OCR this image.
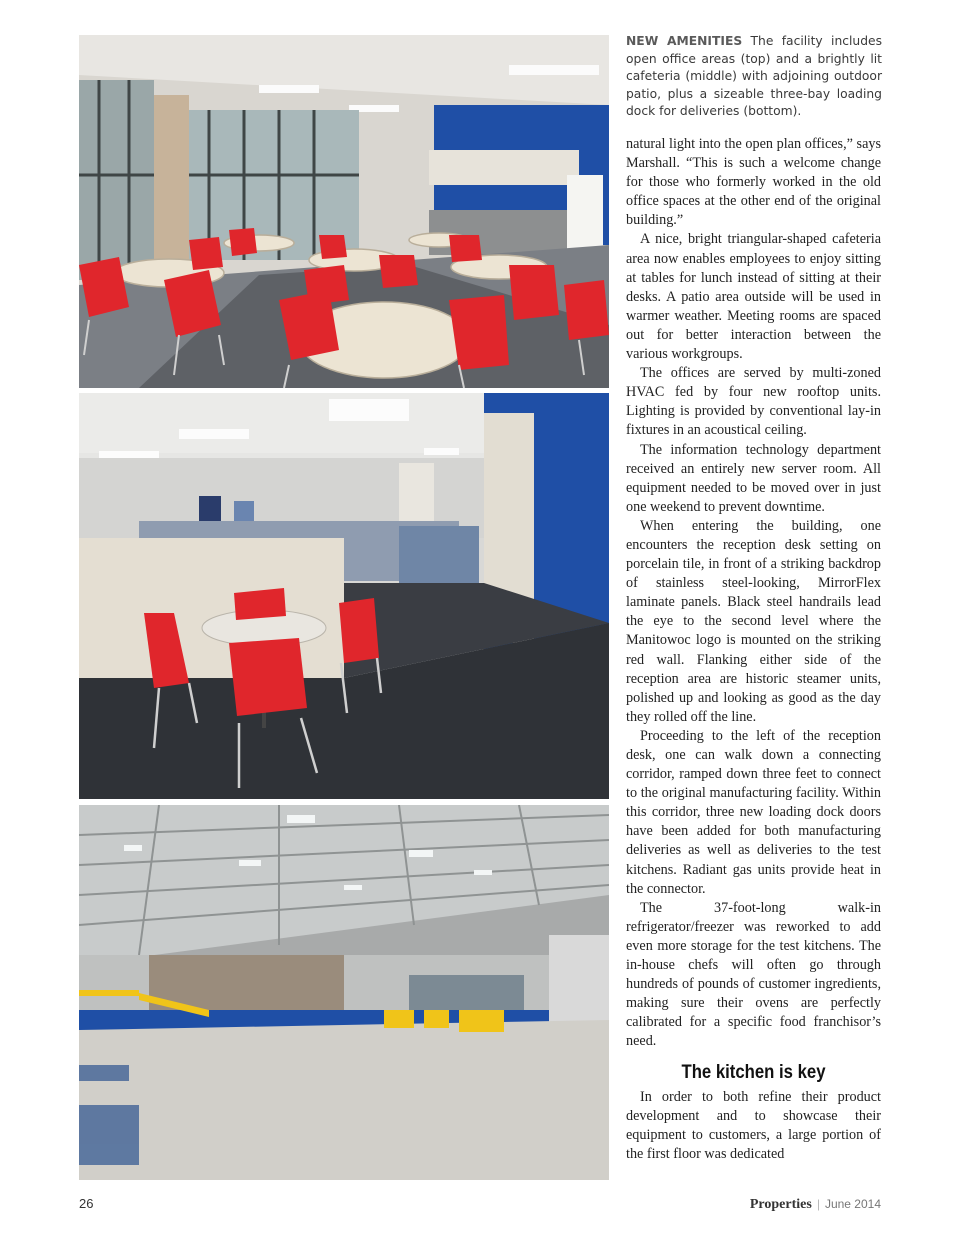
NEW AMENITIES The facility includes open office areas (top) and a brightly lit cafeteria (middle) with adjoining outdoor patio, plus a sizeable three-bay loading dock for deliveries (bottom).

natural light into the open plan offices,” says Marshall. “This is such a welcome change for those who formerly worked in the old office spaces at the other end of the original building.”

A nice, bright triangular-shaped cafeteria area now enables employees to enjoy sitting at tables for lunch instead of sitting at their desks. A patio area outside will be used in warmer weather. Meeting rooms are spaced out for better interaction between the various workgroups.

The offices are served by multi-zoned HVAC fed by four new rooftop units. Lighting is provided by conventional lay-in fixtures in an acoustical ceiling.

The information technology department received an entirely new server room. All equipment needed to be moved over in just one weekend to prevent downtime.

When entering the building, one encounters the reception desk setting on porcelain tile, in front of a striking backdrop of stainless steel-looking, MirrorFlex laminate panels. Black steel handrails lead the eye to the second level where the Manitowoc logo is mounted on the striking red wall. Flanking either side of the reception area are historic steamer units, polished up and looking as good as the day they rolled off the line.

Proceeding to the left of the reception desk, one can walk down a connecting corridor, ramped down three feet to connect to the original manufacturing facility. Within this corridor, three new loading dock doors have been added for both manufacturing deliveries as well as deliveries to the test kitchens. Radiant gas units provide heat in the connector.

The 37-foot-long walk-in refrigerator/freezer was reworked to add even more storage for the test kitchens. The in-house chefs will often go through hundreds of pounds of customer ingredients, making sure their ovens are perfectly calibrated for a specific food franchisor’s need.

The kitchen is key

In order to both refine their product development and to showcase their equipment to customers, a large portion of the first floor was dedicated

26	Properties | June 2014
